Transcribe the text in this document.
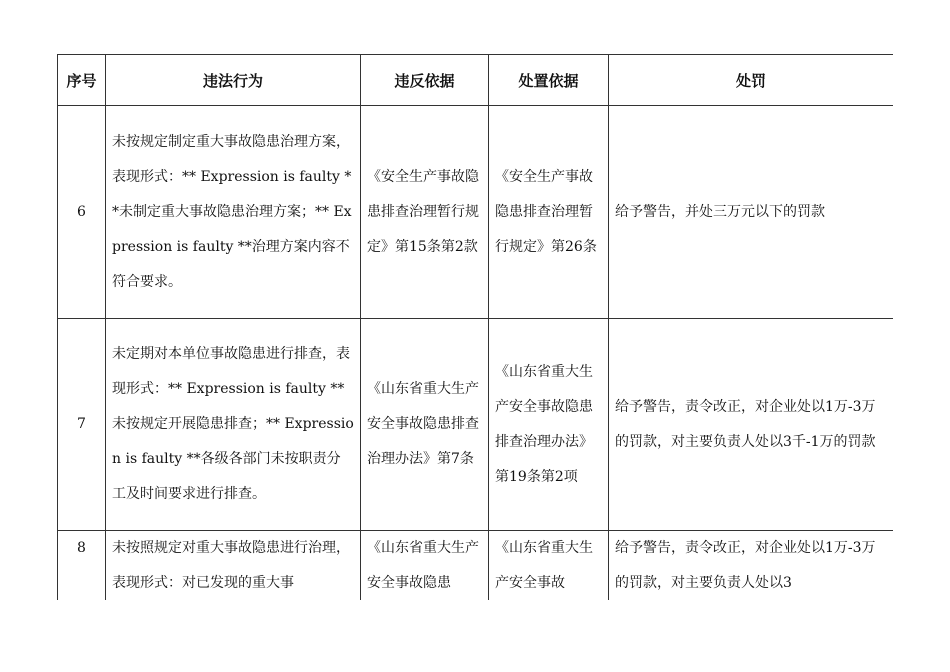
序号	违法行为	违反依据	处置依据	处罚
6	未按规定制定重大事故隐患治理方案，表现形式：** Expression is faulty **未制定重大事故隐患治理方案；** Expression is faulty **治理方案内容不符合要求。	《安全生产事故隐患排查治理暂行规定》第15条第2款	《安全生产事故隐患排查治理暂行规定》第26条	给予警告，并处三万元以下的罚款
7	未定期对本单位事故隐患进行排查，表现形式：** Expression is faulty **未按规定开展隐患排查；** Expression is faulty **各级各部门未按职责分工及时间要求进行排查。	《山东省重大生产安全事故隐患排查治理办法》第7条	《山东省重大生产安全事故隐患排查治理办法》第19条第2项	给予警告，责令改正，对企业处以1万-3万的罚款，对主要负责人处以3千-1万的罚款
8	未按照规定对重大事故隐患进行治理，表现形式：对已发现的重大事	《山东省重大生产安全事故隐患	《山东省重大生产安全事故	给予警告，责令改正，对企业处以1万-3万的罚款，对主要负责人处以3
